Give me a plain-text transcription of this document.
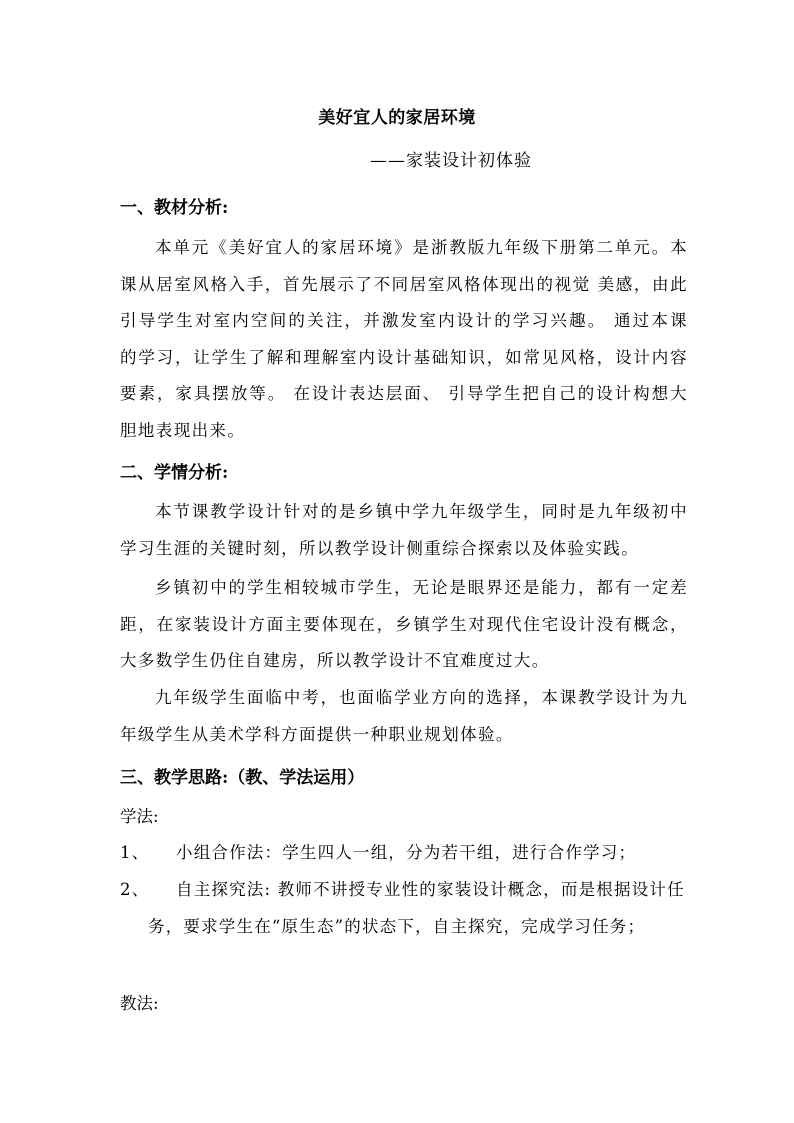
美好宜人的家居环境
——家装设计初体验
一、教材分析:

本单元《美好宜人的家居环境》是浙教版九年级下册第二单元。本课从居室风格入手，首先展示了不同居室风格体现出的视觉 美感，由此引导学生对室内空间的关注，并激发室内设计的学习兴趣。 通过本课 的学习，让学生了解和理解室内设计基础知识，如常见风格，设计内容要素，家具摆放等。 在设计表达层面、 引导学生把自己的设计构想大胆地表现出来。

二、学情分析:

本节课教学设计针对的是乡镇中学九年级学生，同时是九年级初中学习生涯的关键时刻，所以教学设计侧重综合探索以及体验实践。

乡镇初中的学生相较城市学生，无论是眼界还是能力，都有一定差距，在家装设计方面主要体现在，乡镇学生对现代住宅设计没有概念，大多数学生仍住自建房，所以教学设计不宜难度过大。

九年级学生面临中考，也面临学业方向的选择，本课教学设计为九年级学生从美术学科方面提供一种职业规划体验。

三、教学思路:（教、学法运用）
学法:
1、	小组合作法：学生四人一组，分为若干组，进行合作学习；
2、	自主探究法: 教师不讲授专业性的家装设计概念，而是根据设计任务，要求学生在“原生态”的状态下，自主探究，完成学习任务；
教法:
